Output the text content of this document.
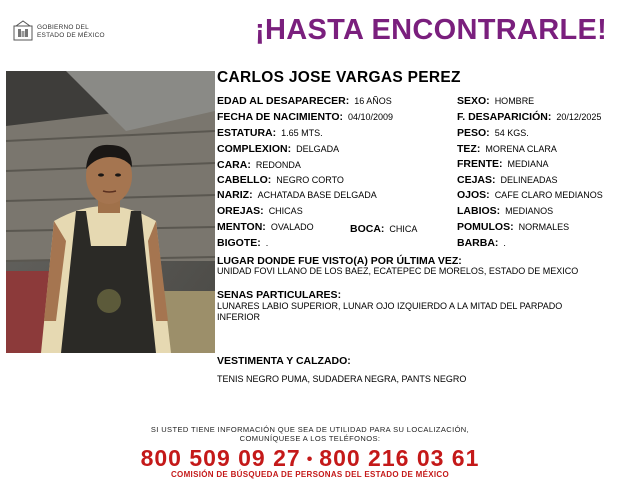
GOBIERNO DEL
ESTADO DE MÉXICO	¡HASTA ENCONTRARLE!
CARLOS JOSE VARGAS PEREZ
EDAD AL DESAPARECER: 16 AÑOS
FECHA DE NACIMIENTO: 04/10/2009
ESTATURA: 1.65 MTS.
COMPLEXION: DELGADA
CARA: REDONDA
CABELLO: NEGRO CORTO
NARIZ: ACHATADA BASE DELGADA
OREJAS: CHICAS
MENTON: OVALADO	BOCA: CHICA
BIGOTE: .
SEXO: HOMBRE
F. DESAPARICIÓN: 20/12/2025
PESO: 54 KGS.
TEZ: MORENA CLARA
FRENTE: MEDIANA
CEJAS: DELINEADAS
OJOS: CAFE CLARO MEDIANOS
LABIOS: MEDIANOS
POMULOS: NORMALES
BARBA: .
LUGAR DONDE FUE VISTO(A) POR ÚLTIMA VEZ:
UNIDAD FOVI LLANO DE LOS BAEZ, ECATEPEC DE MORELOS, ESTADO DE MEXICO
SENAS PARTICULARES:
LUNARES LABIO SUPERIOR, LUNAR OJO IZQUIERDO A LA MITAD DEL PARPADO
INFERIOR
VESTIMENTA Y CALZADO:
TENIS NEGRO PUMA, SUDADERA NEGRA, PANTS NEGRO
SI USTED TIENE INFORMACIÓN QUE SEA DE UTILIDAD PARA SU LOCALIZACIÓN,
COMUNÍQUESE A LOS TELÉFONOS:
800 509 09 27 • 800 216 03 61
COMISIÓN DE BÚSQUEDA DE PERSONAS DEL ESTADO DE MÉXICO
